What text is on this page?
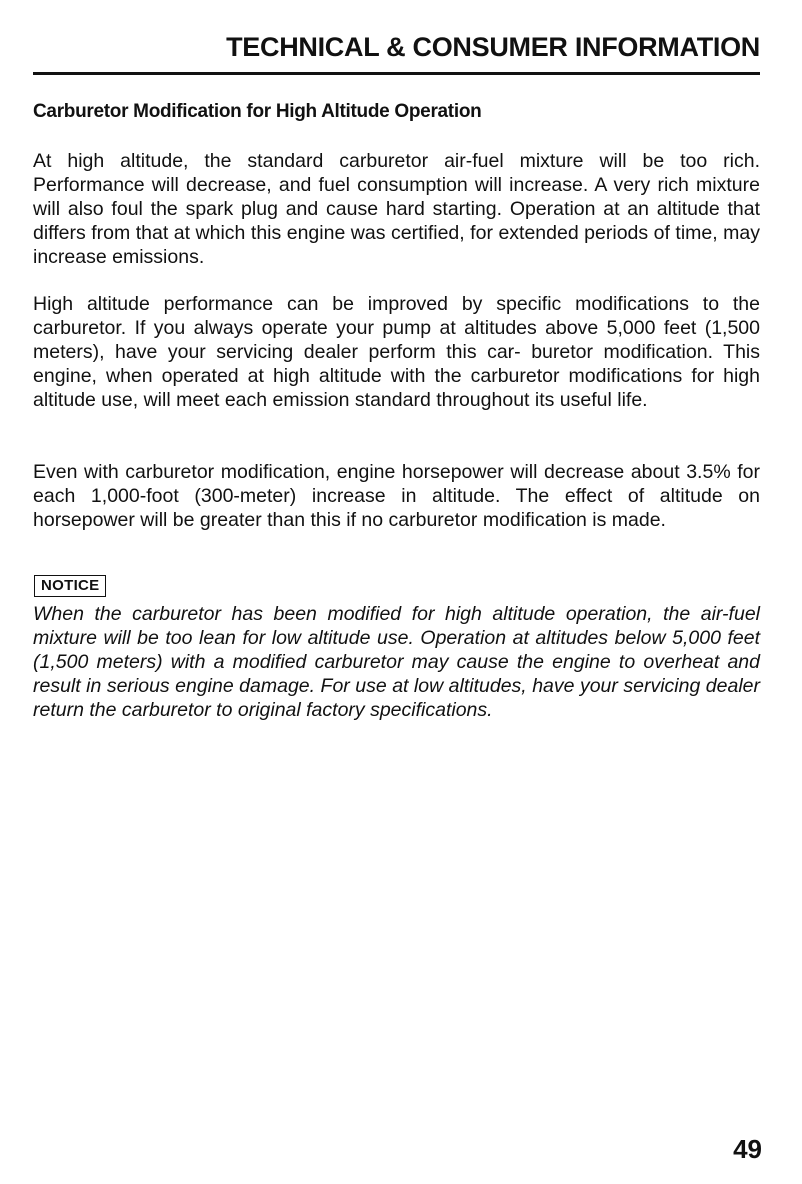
TECHNICAL & CONSUMER INFORMATION
Carburetor Modification for High Altitude Operation

At high altitude, the standard carburetor air-fuel mixture will be too rich. Performance will decrease, and fuel consumption will increase. A very rich mixture will also foul the spark plug and cause hard starting. Operation at an altitude that differs from that at which this engine was certified, for extended periods of time, may increase emissions.

High altitude performance can be improved by specific modifications to the carburetor. If you always operate your pump at altitudes above 5,000 feet (1,500 meters), have your servicing dealer perform this car- buretor modification. This engine, when operated at high altitude with the carburetor modifications for high altitude use, will meet each emission standard throughout its useful life.

Even with carburetor modification, engine horsepower will decrease about 3.5% for each 1,000-foot (300-meter) increase in altitude. The effect of altitude on horsepower will be greater than this if no carburetor modification is made.

NOTICE

When the carburetor has been modified for high altitude operation, the air-fuel mixture will be too lean for low altitude use. Operation at altitudes below 5,000 feet (1,500 meters) with a modified carburetor may cause the engine to overheat and result in serious engine damage. For use at low altitudes, have your servicing dealer return the carburetor to original factory specifications.

49
